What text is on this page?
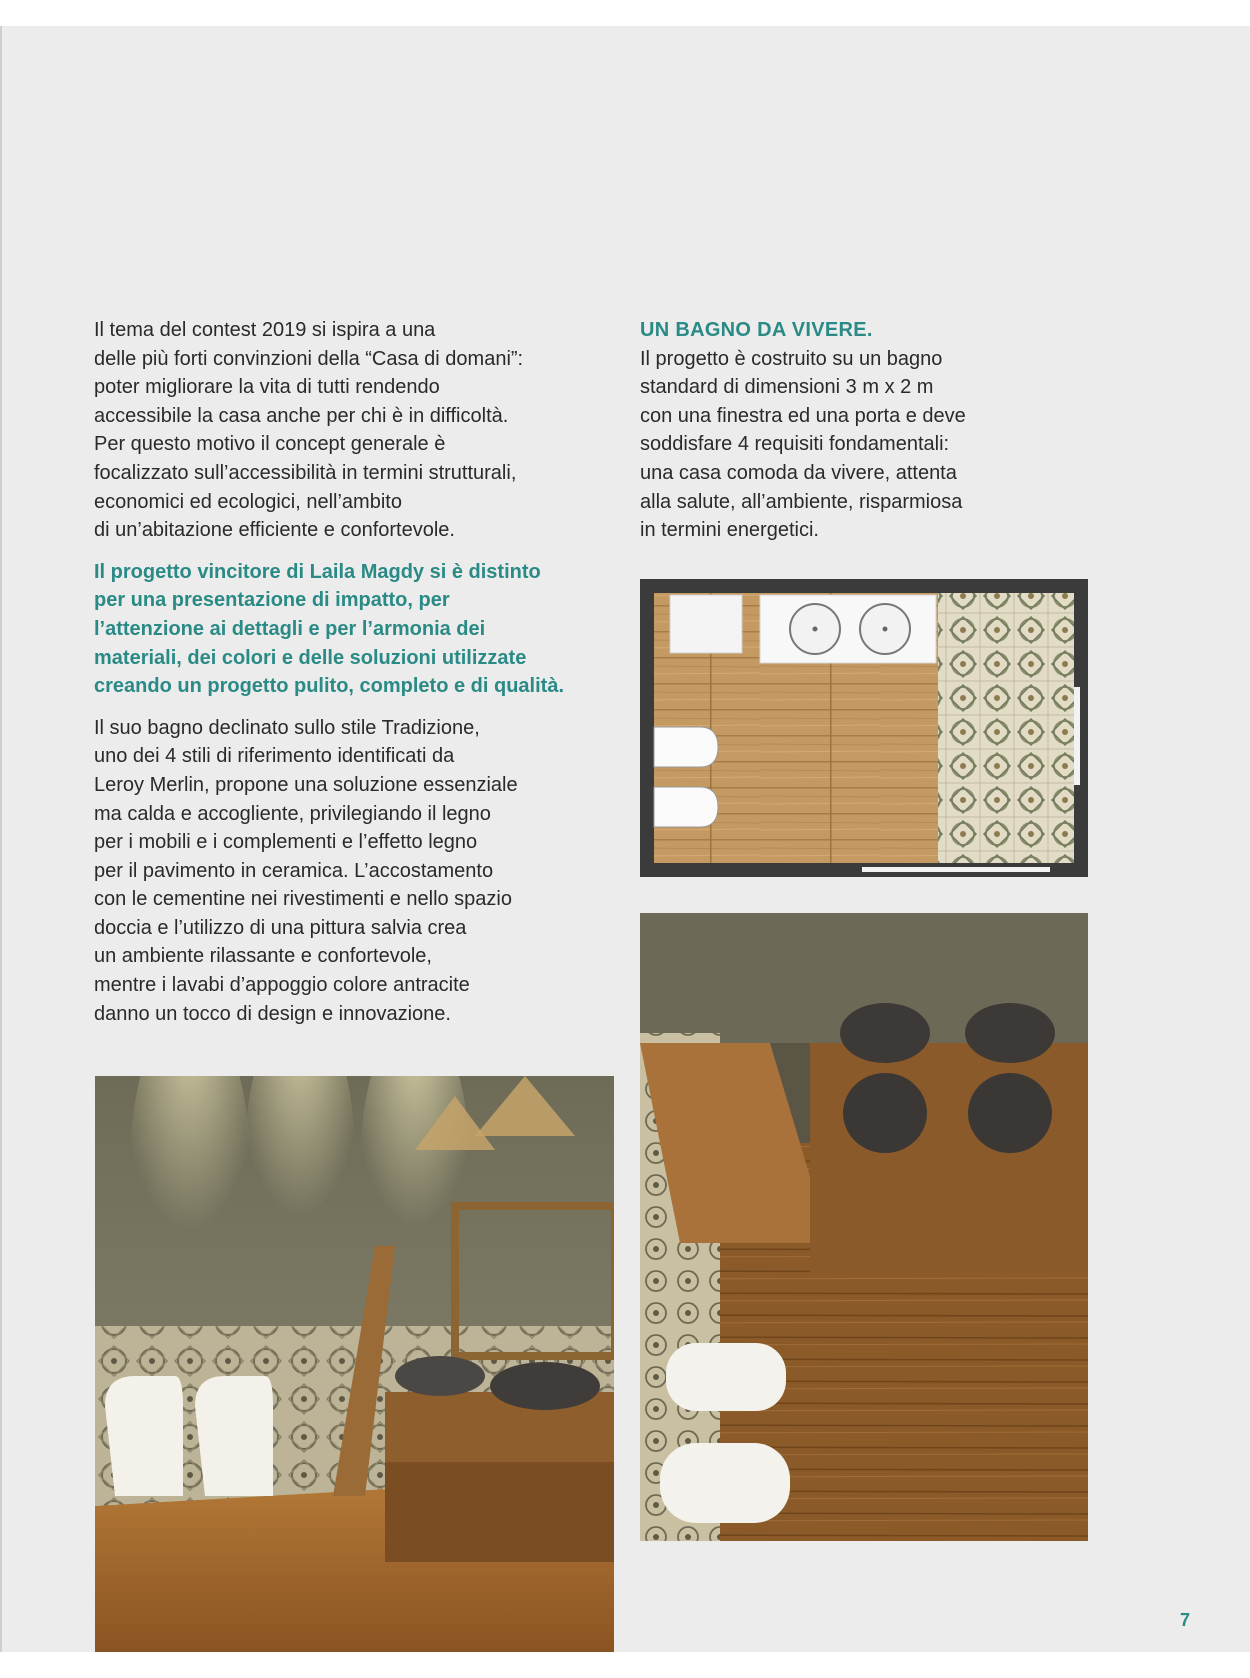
Il tema del contest 2019 si ispira a una
delle più forti convinzioni della “Casa di domani”:
poter migliorare la vita di tutti rendendo
accessibile la casa anche per chi è in difficoltà.
Per questo motivo il concept generale è
focalizzato sull’accessibilità in termini strutturali,
economici ed ecologici, nell’ambito
di un’abitazione efficiente e confortevole.

Il progetto vincitore di Laila Magdy si è distinto
per una presentazione di impatto, per
l’attenzione ai dettagli e per l’armonia dei
materiali, dei colori e delle soluzioni utilizzate
creando un progetto pulito, completo e di qualità.

Il suo bagno declinato sullo stile Tradizione,
uno dei 4 stili di riferimento identificati da
Leroy Merlin, propone una soluzione essenziale
ma calda e accogliente, privilegiando il legno
per i mobili e i complementi e l’effetto legno
per il pavimento in ceramica. L’accostamento
con le cementine nei rivestimenti e nello spazio
doccia e l’utilizzo di una pittura salvia crea
un ambiente rilassante e confortevole,
mentre i lavabi d’appoggio colore antracite
danno un tocco di design e innovazione.

UN BAGNO DA VIVERE.

Il progetto è costruito su un bagno
standard di dimensioni 3 m x 2 m
con una finestra ed una porta e deve
soddisfare 4 requisiti fondamentali:
una casa comoda da vivere, attenta
alla salute, all’ambiente, risparmiosa
in termini energetici.

7
